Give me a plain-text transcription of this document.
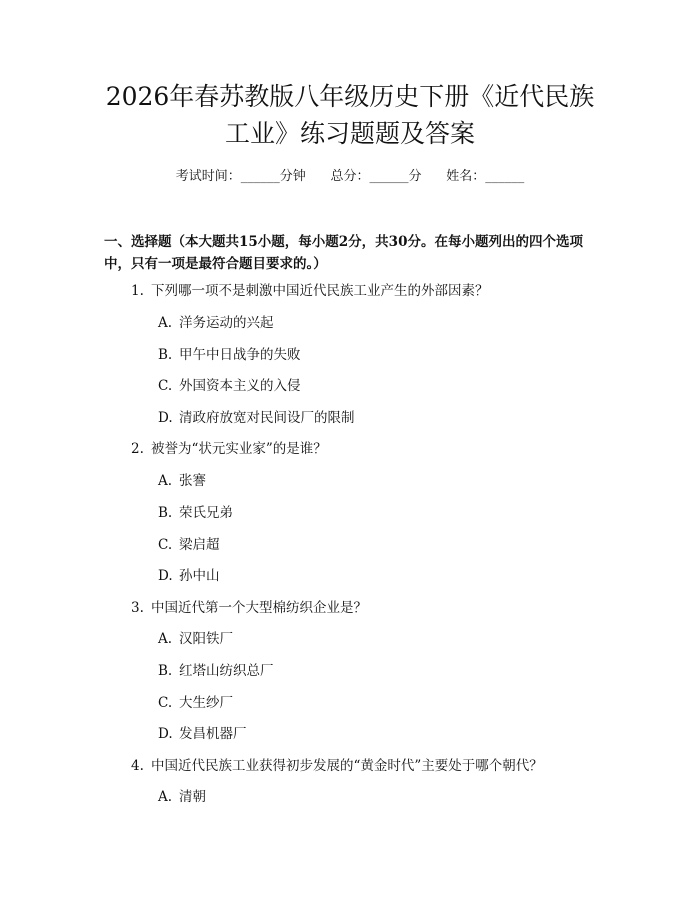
2026年春苏教版八年级历史下册《近代民族
工业》练习题题及答案
考试时间：______分钟      总分：______分      姓名：______
一、选择题（本大题共15小题，每小题2分，共30分。在每小题列出的四个选项中，只有一项是最符合题目要求的。）
1. 下列哪一项不是刺激中国近代民族工业产生的外部因素？
A. 洋务运动的兴起
B. 甲午中日战争的失败
C. 外国资本主义的入侵
D. 清政府放宽对民间设厂的限制
2. 被誉为“状元实业家”的是谁？
A. 张謇
B. 荣氏兄弟
C. 梁启超
D. 孙中山
3. 中国近代第一个大型棉纺织企业是？
A. 汉阳铁厂
B. 红塔山纺织总厂
C. 大生纱厂
D. 发昌机器厂
4. 中国近代民族工业获得初步发展的“黄金时代”主要处于哪个朝代？
A. 清朝
